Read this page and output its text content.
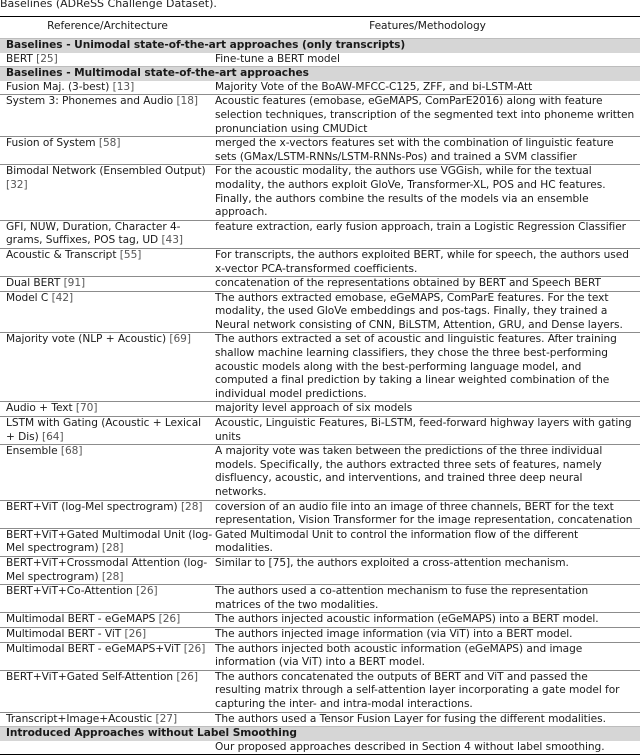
Baselines (ADReSS Challenge Dataset).
Reference/Architecture	Features/Methodology
Baselines - Unimodal state-of-the-art approaches (only transcripts)	
BERT [25]	Fine-tune a BERT model
Baselines - Multimodal state-of-the-art approaches	
Fusion Maj. (3-best) [13]	Majority Vote of the BoAW-MFCC-C125, ZFF, and bi-LSTM-Att
System 3: Phonemes and Audio [18]	Acoustic features (emobase, eGeMAPS, ComParE2016) along with feature selection techniques, transcription of the segmented text into phoneme written pronunciation using CMUDict
Fusion of System [58]	merged the x-vectors features set with the combination of linguistic feature sets (GMax/LSTM-RNNs/LSTM-RNNs-Pos) and trained a SVM classifier
Bimodal Network (Ensembled Output) [32]	For the acoustic modality, the authors use VGGish, while for the textual modality, the authors exploit GloVe, Transformer-XL, POS and HC features. Finally, the authors combine the results of the models via an ensemble approach.
GFI, NUW, Duration, Character 4-grams, Suffixes, POS tag, UD [43]	feature extraction, early fusion approach, train a Logistic Regression Classifier
Acoustic & Transcript [55]	For transcripts, the authors exploited BERT, while for speech, the authors used x-vector PCA-transformed coefficients.
Dual BERT [91]	concatenation of the representations obtained by BERT and Speech BERT
Model C [42]	The authors extracted emobase, eGeMAPS, ComParE features. For the text modality, the used GloVe embeddings and pos-tags. Finally, they trained a Neural network consisting of CNN, BiLSTM, Attention, GRU, and Dense layers.
Majority vote (NLP + Acoustic) [69]	The authors extracted a set of acoustic and linguistic features. After training shallow machine learning classifiers, they chose the three best-performing acoustic models along with the best-performing language model, and computed a final prediction by taking a linear weighted combination of the individual model predictions.
Audio + Text [70]	majority level approach of six models
LSTM with Gating (Acoustic + Lexical + Dis) [64]	Acoustic, Linguistic Features, Bi-LSTM, feed-forward highway layers with gating units
Ensemble [68]	A majority vote was taken between the predictions of the three individual models. Specifically, the authors extracted three sets of features, namely disfluency, acoustic, and interventions, and trained three deep neural networks.
BERT+ViT (log-Mel spectrogram) [28]	coversion of an audio file into an image of three channels, BERT for the text representation, Vision Transformer for the image representation, concatenation
BERT+ViT+Gated Multimodal Unit (log-Mel spectrogram) [28]	Gated Multimodal Unit to control the information flow of the different modalities.
BERT+ViT+Crossmodal Attention (log-Mel spectrogram) [28]	Similar to [75], the authors exploited a cross-attention mechanism.
BERT+ViT+Co-Attention [26]	The authors used a co-attention mechanism to fuse the representation matrices of the two modalities.
Multimodal BERT - eGeMAPS [26]	The authors injected acoustic information (eGeMAPS) into a BERT model.
Multimodal BERT - ViT [26]	The authors injected image information (via ViT) into a BERT model.
Multimodal BERT - eGeMAPS+ViT [26]	The authors injected both acoustic information (eGeMAPS) and image information (via ViT) into a BERT model.
BERT+ViT+Gated Self-Attention [26]	The authors concatenated the outputs of BERT and ViT and passed the resulting matrix through a self-attention layer incorporating a gate model for capturing the inter- and intra-modal interactions.
Transcript+Image+Acoustic [27]	The authors used a Tensor Fusion Layer for fusing the different modalities.
Introduced Approaches without Label Smoothing	
	Our proposed approaches described in Section 4 without label smoothing.
